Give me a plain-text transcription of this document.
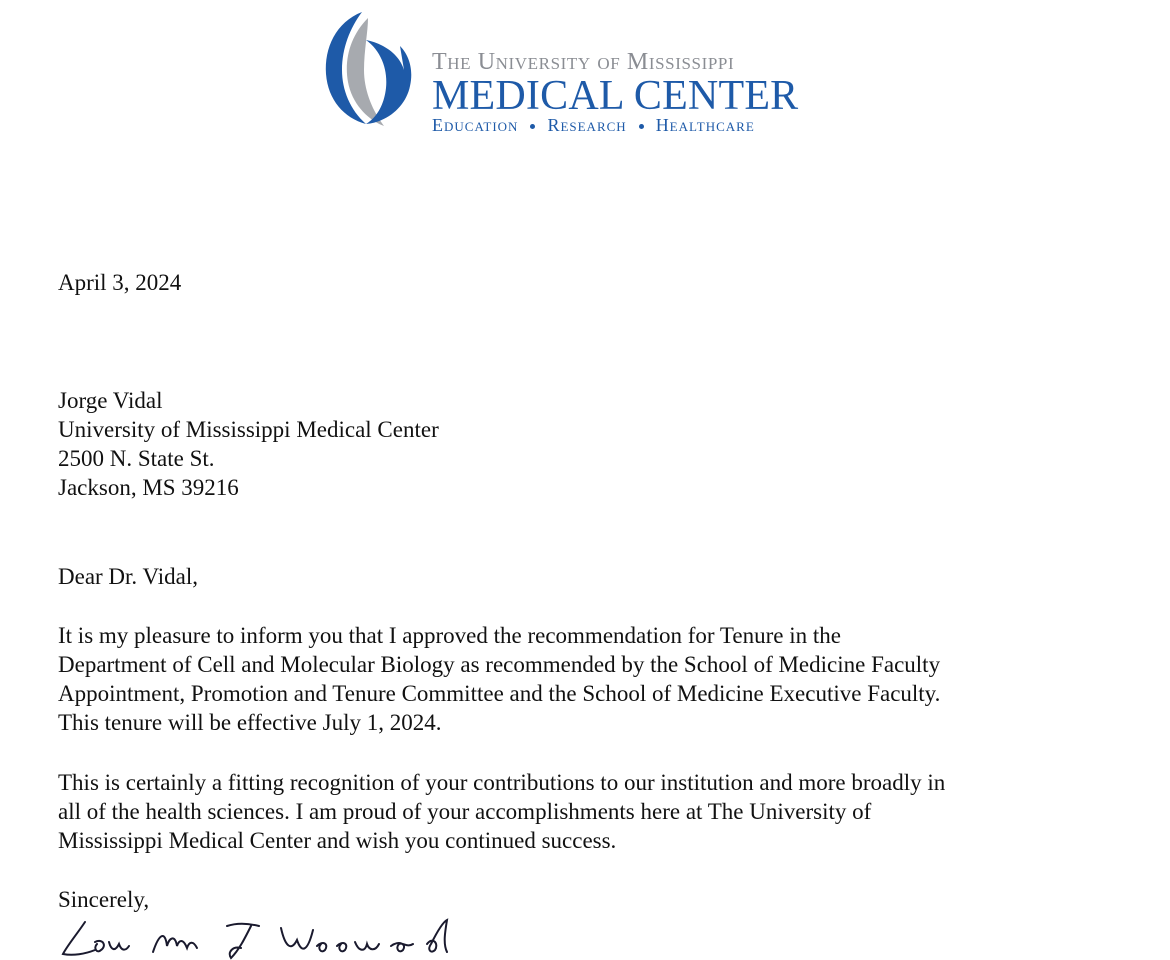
The University of Mississippi
MEDICAL CENTER
Education Research Healthcare
April 3, 2024
Jorge Vidal
University of Mississippi Medical Center
2500 N. State St.
Jackson, MS 39216
Dear Dr. Vidal,
It is my pleasure to inform you that I approved the recommendation for Tenure in the
Department of Cell and Molecular Biology as recommended by the School of Medicine Faculty
Appointment, Promotion and Tenure Committee and the School of Medicine Executive Faculty.
This tenure will be effective July 1, 2024.
This is certainly a fitting recognition of your contributions to our institution and more broadly in
all of the health sciences. I am proud of your accomplishments here at The University of
Mississippi Medical Center and wish you continued success.
Sincerely,
